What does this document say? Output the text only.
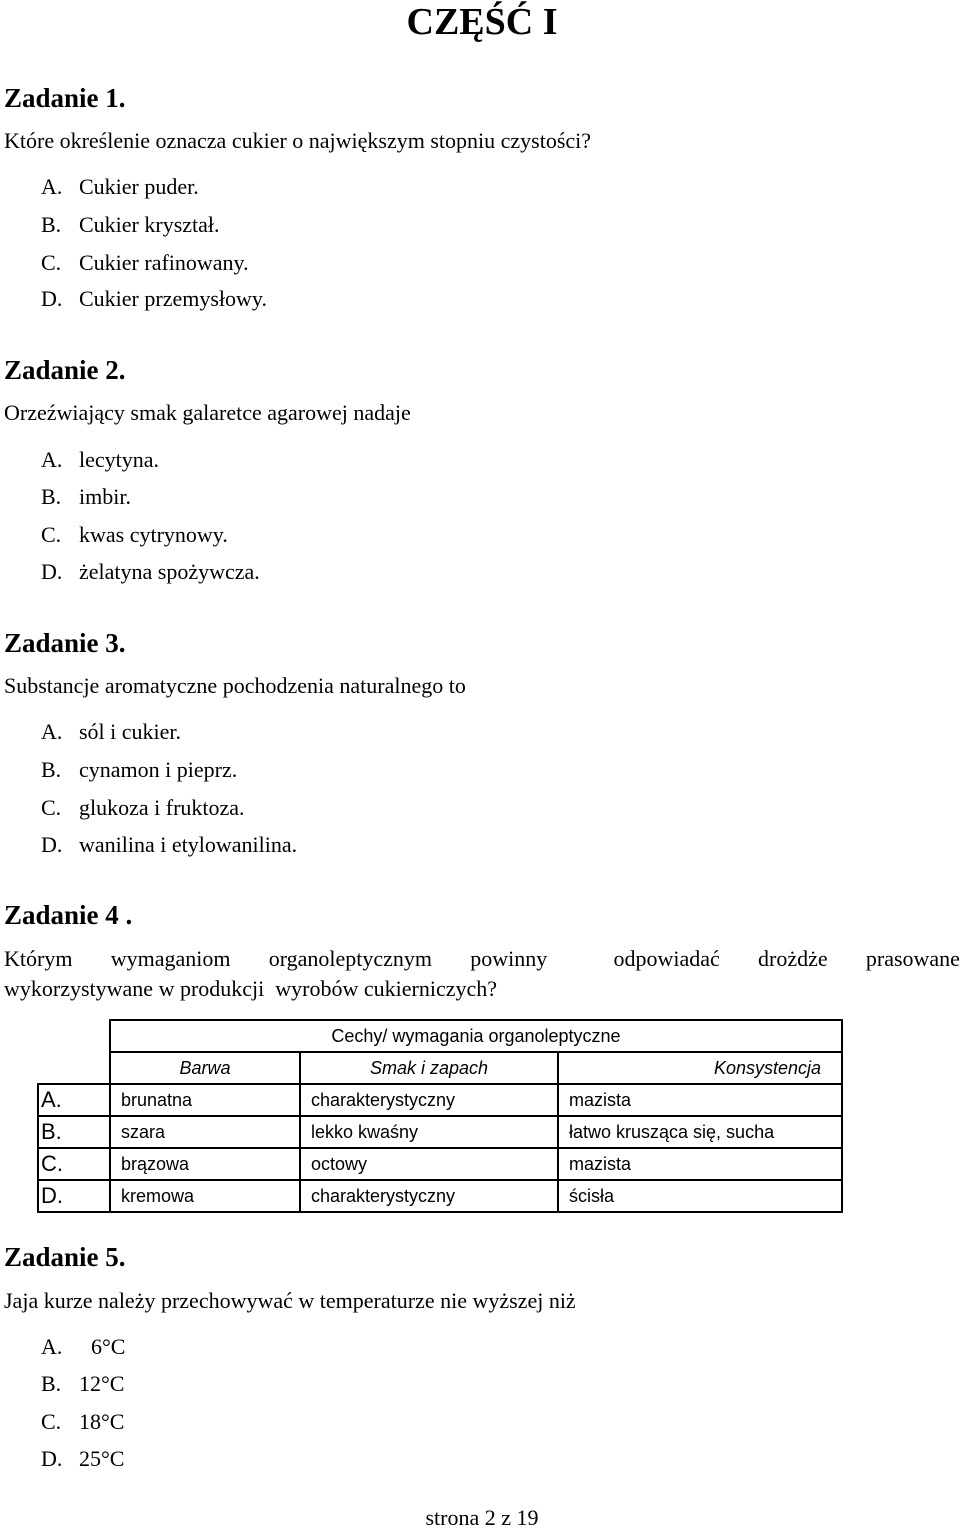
CZĘŚĆ I
Zadanie 1.
Które określenie oznacza cukier o największym stopniu czystości?
A. Cukier puder.
B. Cukier kryształ.
C. Cukier rafinowany.
D. Cukier przemysłowy.
Zadanie 2.
Orzeźwiający smak galaretce agarowej nadaje
A. lecytyna.
B. imbir.
C. kwas cytrynowy.
D. żelatyna spożywcza.
Zadanie 3.
Substancje aromatyczne pochodzenia naturalnego to
A. sól i cukier.
B. cynamon i pieprz.
C. glukoza i fruktoza.
D. wanilina i etylowanilina.
Zadanie 4 .
Którym wymaganiom organoleptycznym powinny	odpowiadać drożdże prasowane
wykorzystywane w produkcji  wyrobów cukierniczych?
	Cechy/ wymagania organoleptyczne		
	Barwa	Smak i zapach	Konsystencja
A.	brunatna	charakterystyczny	mazista
B.	szara	lekko kwaśny	łatwo krusząca się, sucha
C.	brązowa	octowy	mazista
D.	kremowa	charakterystyczny	ścisła
Zadanie 5.
Jaja kurze należy przechowywać w temperaturze nie wyższej niż
A. 6°C
B. 12°C
C. 18°C
D. 25°C
strona 2 z 19
